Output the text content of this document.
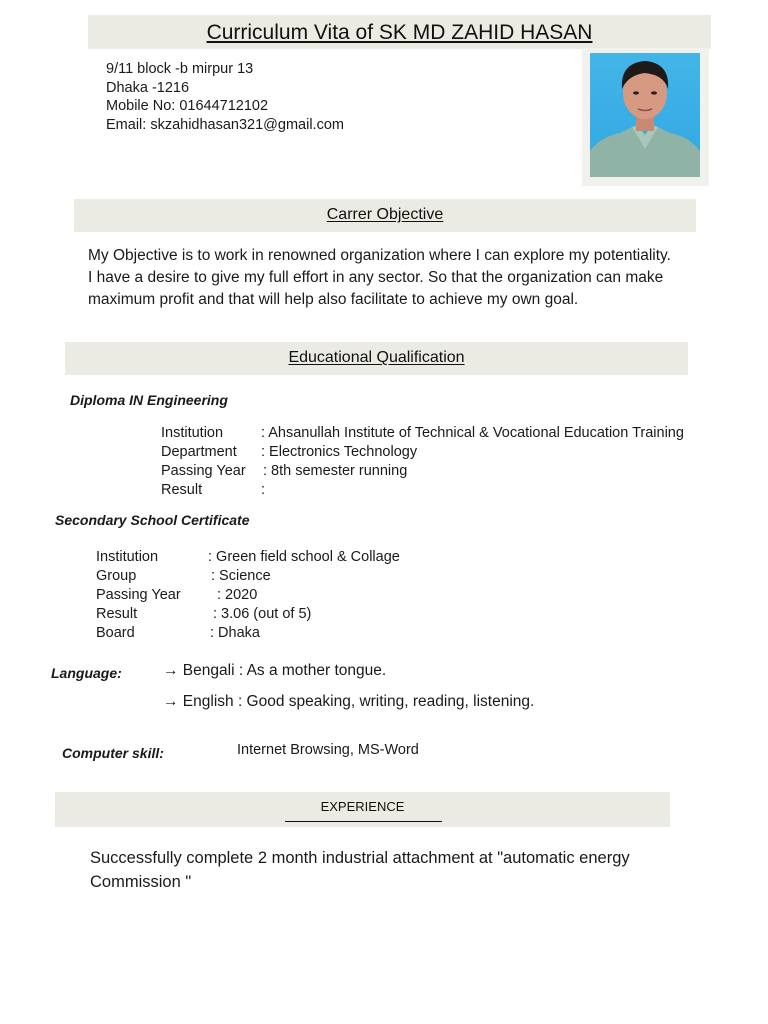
Curriculum Vita of SK MD ZAHID HASAN
9/11 block -b mirpur 13
Dhaka -1216
Mobile No: 01644712102
Email: skzahidhasan321@gmail.com
Carrer Objective
My Objective is to work in renowned organization where I can explore my potentiality.
I have a desire to give my full effort in any sector. So that the organization can make
maximum profit and that will help also facilitate to achieve my own goal.
Educational Qualification
Diploma IN Engineering
Institution	: Ahsanullah Institute of Technical & Vocational Education Training
Department : Electronics Technology
Passing Year : 8th semester running
Result	:
Secondary School Certificate
Institution	: Green field school & Collage
Group	: Science
Passing Year	: 2020
Result	: 3.06 (out of 5)
Board	: Dhaka
Language:	→ Bengali : As a mother tongue.
→ English : Good speaking, writing, reading, listening.
Computer skill:	Internet Browsing, MS-Word
EXPERIENCE
Successfully complete 2 month industrial attachment at "automatic energy
Commission "
